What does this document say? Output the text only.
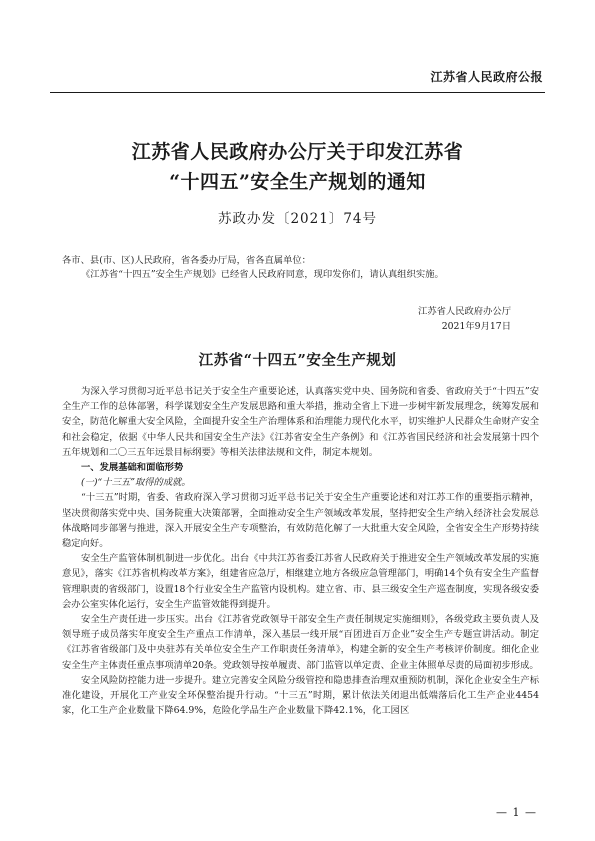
江苏省人民政府公报
江苏省人民政府办公厅关于印发江苏省
“十四五”安全生产规划的通知
苏政办发〔2021〕74号
各市、县(市、区)人民政府，省各委办厅局，省各直属单位：
《江苏省“十四五”安全生产规划》已经省人民政府同意，现印发你们，请认真组织实施。
江苏省人民政府办公厅
2021年9月17日
江苏省“十四五”安全生产规划

为深入学习贯彻习近平总书记关于安全生产重要论述，认真落实党中央、国务院和省委、省政府关于“十四五”安全生产工作的总体部署，科学谋划安全生产发展思路和重大举措，推动全省上下进一步树牢新发展理念，统筹发展和安全，防范化解重大安全风险，全面提升安全生产治理体系和治理能力现代化水平，切实维护人民群众生命财产安全和社会稳定，依据《中华人民共和国安全生产法》《江苏省安全生产条例》和《江苏省国民经济和社会发展第十四个五年规划和二〇三五年远景目标纲要》等相关法律法规和文件，制定本规划。

一、发展基础和面临形势

(一)“十三五”取得的成就。

“十三五”时期，省委、省政府深入学习贯彻习近平总书记关于安全生产重要论述和对江苏工作的重要指示精神，坚决贯彻落实党中央、国务院重大决策部署，全面推动安全生产领域改革发展，坚持把安全生产纳入经济社会发展总体战略同步部署与推进，深入开展安全生产专项整治，有效防范化解了一大批重大安全风险，全省安全生产形势持续稳定向好。

安全生产监管体制机制进一步优化。出台《中共江苏省委江苏省人民政府关于推进安全生产领域改革发展的实施意见》，落实《江苏省机构改革方案》，组建省应急厅，相继建立地方各级应急管理部门，明确14个负有安全生产监督管理职责的省级部门，设置18个行业安全生产监管内设机构。建立省、市、县三级安全生产巡查制度，实现各级安委会办公室实体化运行，安全生产监管效能得到提升。

安全生产责任进一步压实。出台《江苏省党政领导干部安全生产责任制规定实施细则》，各级党政主要负责人及领导班子成员落实年度安全生产重点工作清单，深入基层一线开展“百团进百万企业”安全生产专题宣讲活动。制定《江苏省省级部门及中央驻苏有关单位安全生产工作职责任务清单》，构建全新的安全生产考核评价制度。细化企业安全生产主体责任重点事项清单20条。党政领导按单履责、部门监管以单定责、企业主体照单尽责的局面初步形成。

安全风险防控能力进一步提升。建立完善安全风险分级管控和隐患排查治理双重预防机制，深化企业安全生产标准化建设，开展化工产业安全环保整治提升行动。“十三五”时期，累计依法关闭退出低端落后化工生产企业4454家，化工生产企业数量下降64.9%，危险化学品生产企业数量下降42.1%，化工园区

— 1 —
